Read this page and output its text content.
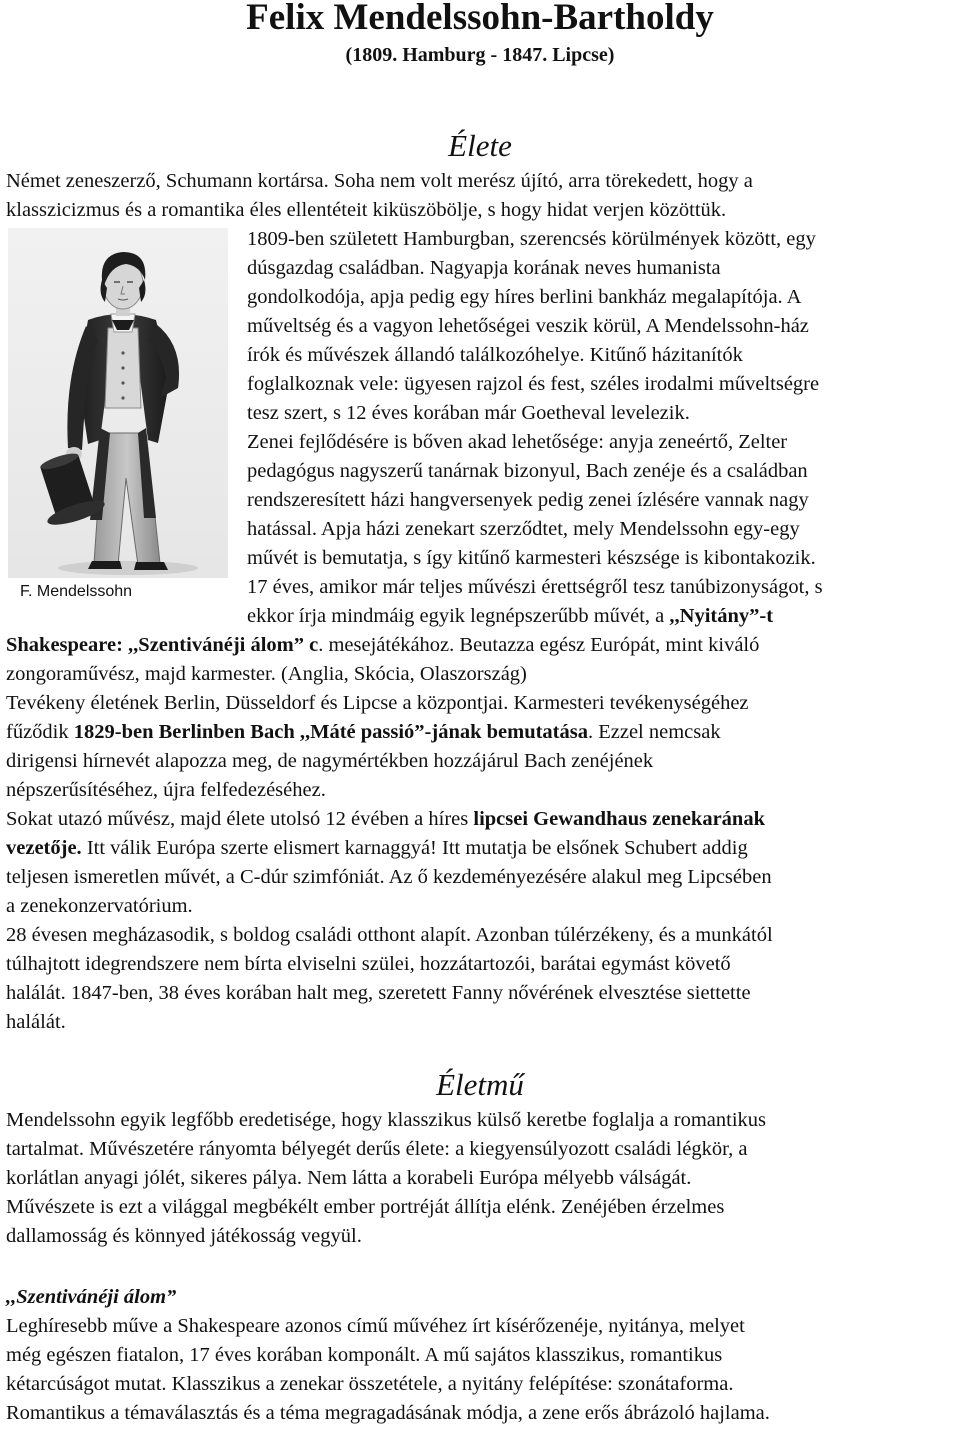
Felix Mendelssohn-Bartholdy
(1809. Hamburg - 1847. Lipcse)
Élete
Német zeneszerző, Schumann kortársa. Soha nem volt merész újító, arra törekedett, hogy a
klasszicizmus és a romantika éles ellentéteit kiküszöbölje, s hogy hidat verjen közöttük.
F. Mendelssohn
1809-ben született Hamburgban, szerencsés körülmények között, egy
dúsgazdag családban. Nagyapja korának neves humanista
gondolkodója, apja pedig egy híres berlini bankház megalapítója. A
műveltség és a vagyon lehetőségei veszik körül, A Mendelssohn-ház
írók és művészek állandó találkozóhelye. Kitűnő házitanítók
foglalkoznak vele: ügyesen rajzol és fest, széles irodalmi műveltségre
tesz szert, s 12 éves korában már Goetheval levelezik.
Zenei fejlődésére is bőven akad lehetősége: anyja zeneértő, Zelter
pedagógus nagyszerű tanárnak bizonyul, Bach zenéje és a családban
rendszeresített házi hangversenyek pedig zenei ízlésére vannak nagy
hatással. Apja házi zenekart szerződtet, mely Mendelssohn egy-egy
művét is bemutatja, s így kitűnő karmesteri készsége is kibontakozik.
17 éves, amikor már teljes művészi érettségről tesz tanúbizonyságot, s
ekkor írja mindmáig egyik legnépszerűbb művét, a ,,Nyitány”-t
Shakespeare: ,,Szentivánéji álom” c. mesejátékához. Beutazza egész Európát, mint kiváló
zongoraművész, majd karmester. (Anglia, Skócia, Olaszország)
Tevékeny életének Berlin, Düsseldorf és Lipcse a központjai. Karmesteri tevékenységéhez
fűződik 1829-ben Berlinben Bach ,,Máté passió”-jának bemutatása. Ezzel nemcsak
dirigensi hírnevét alapozza meg, de nagymértékben hozzájárul Bach zenéjének
népszerűsítéséhez, újra felfedezéséhez.
Sokat utazó művész, majd élete utolsó 12 évében a híres lipcsei Gewandhaus zenekarának
vezetője. Itt válik Európa szerte elismert karnaggyá! Itt mutatja be elsőnek Schubert addig
teljesen ismeretlen művét, a C-dúr szimfóniát. Az ő kezdeményezésére alakul meg Lipcsében
a zenekonzervatórium.
28 évesen megházasodik, s boldog családi otthont alapít. Azonban túlérzékeny, és a munkától
túlhajtott idegrendszere nem bírta elviselni szülei, hozzátartozói, barátai egymást követő
halálát. 1847-ben, 38 éves korában halt meg, szeretett Fanny nővérének elvesztése siettette
halálát.
Életmű
Mendelssohn egyik legfőbb eredetisége, hogy klasszikus külső keretbe foglalja a romantikus
tartalmat. Művészetére rányomta bélyegét derűs élete: a kiegyensúlyozott családi légkör, a
korlátlan anyagi jólét, sikeres pálya. Nem látta a korabeli Európa mélyebb válságát.
Művészete is ezt a világgal megbékélt ember portréját állítja elénk. Zenéjében érzelmes
dallamosság és könnyed játékosság vegyül.
,,Szentivánéji álom”
Leghíresebb műve a Shakespeare azonos című művéhez írt kísérőzenéje, nyitánya, melyet
még egészen fiatalon, 17 éves korában komponált. A mű sajátos klasszikus, romantikus
kétarcúságot mutat. Klasszikus a zenekar összetétele, a nyitány felépítése: szonátaforma.
Romantikus a témaválasztás és a téma megragadásának módja, a zene erős ábrázoló hajlama.
